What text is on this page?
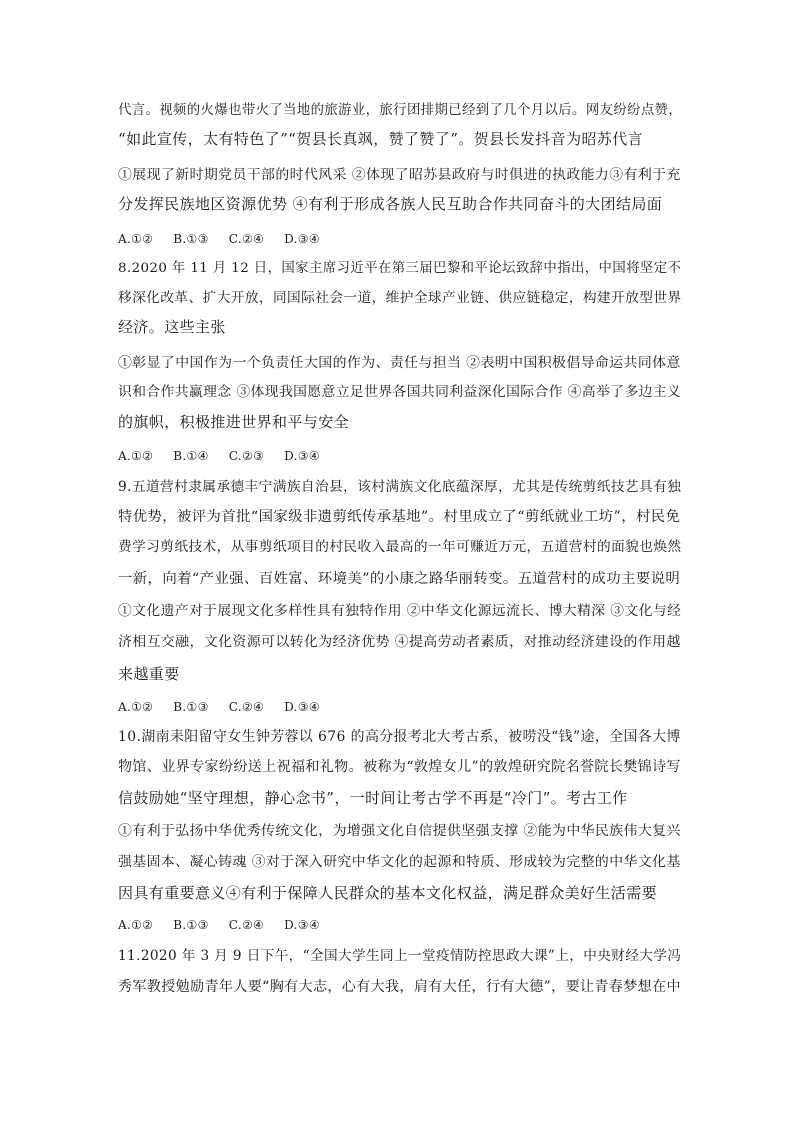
代言。视频的火爆也带火了当地的旅游业，旅行团排期已经到了几个月以后。网友纷纷点赞，
“如此宣传，太有特色了”“贺县长真飒，赞了赞了”。贺县长发抖音为昭苏代言
①展现了新时期党员干部的时代风采 ②体现了昭苏县政府与时俱进的执政能力③有利于充
分发挥民族地区资源优势 ④有利于形成各族人民互助合作共同奋斗的大团结局面
A.①② B.①③ C.②④ D.③④
8.2020 年 11 月 12 日，国家主席习近平在第三届巴黎和平论坛致辞中指出，中国将坚定不
移深化改革、扩大开放，同国际社会一道，维护全球产业链、供应链稳定，构建开放型世界
经济。这些主张
①彰显了中国作为一个负责任大国的作为、责任与担当 ②表明中国积极倡导命运共同体意
识和合作共赢理念 ③体现我国愿意立足世界各国共同利益深化国际合作 ④高举了多边主义
的旗帜，积极推进世界和平与安全
A.①② B.①④ C.②③ D.③④
9.五道营村隶属承德丰宁满族自治县，该村满族文化底蕴深厚，尤其是传统剪纸技艺具有独
特优势，被评为首批“国家级非遗剪纸传承基地”。村里成立了“剪纸就业工坊”，村民免
费学习剪纸技术，从事剪纸项目的村民收入最高的一年可赚近万元，五道营村的面貌也焕然
一新，向着“产业强、百姓富、环境美”的小康之路华丽转变。五道营村的成功主要说明
①文化遗产对于展现文化多样性具有独特作用 ②中华文化源远流长、博大精深 ③文化与经
济相互交融，文化资源可以转化为经济优势 ④提高劳动者素质，对推动经济建设的作用越
来越重要
A.①② B.①③ C.②④ D.③④
10.湖南耒阳留守女生钟芳蓉以 676 的高分报考北大考古系，被唠没“钱”途，全国各大博
物馆、业界专家纷纷送上祝福和礼物。被称为“敦煌女儿”的敦煌研究院名誉院长樊锦诗写
信鼓励她“坚守理想，静心念书”，一时间让考古学不再是“冷门”。考古工作
①有利于弘扬中华优秀传统文化，为增强文化自信提供坚强支撑 ②能为中华民族伟大复兴
强基固本、凝心铸魂 ③对于深入研究中华文化的起源和特质、形成较为完整的中华文化基
因具有重要意义④有利于保障人民群众的基本文化权益，满足群众美好生活需要
A.①② B.①③ C.②④ D.③④
11.2020 年 3 月 9 日下午，“全国大学生同上一堂疫情防控思政大课”上，中央财经大学冯
秀军教授勉励青年人要“胸有大志，心有大我，肩有大任，行有大德”，要让青春梦想在中
